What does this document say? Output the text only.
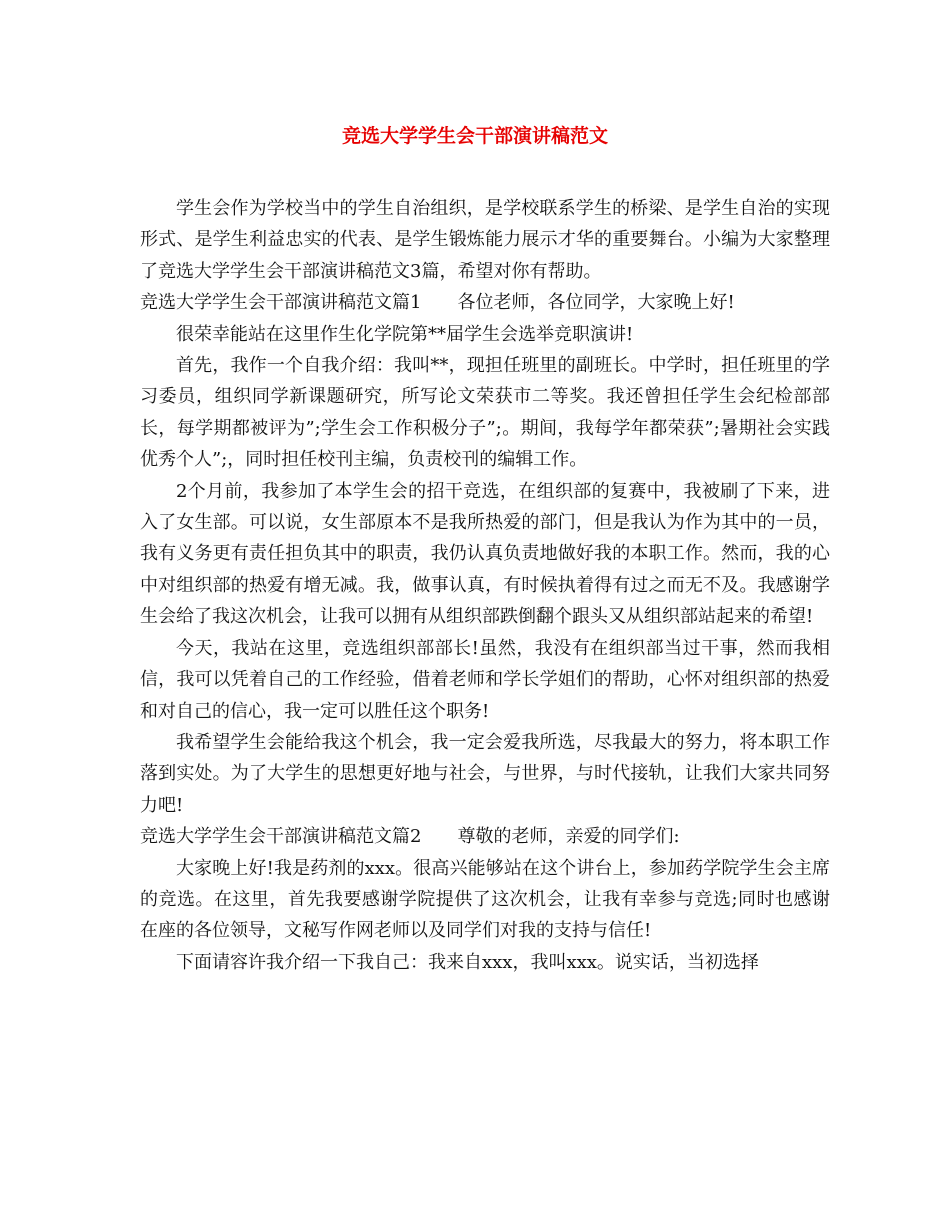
竞选大学学生会干部演讲稿范文

学生会作为学校当中的学生自治组织，是学校联系学生的桥梁、是学生自治的实现形式、是学生利益忠实的代表、是学生锻炼能力展示才华的重要舞台。小编为大家整理了竞选大学学生会干部演讲稿范文3篇，希望对你有帮助。

竞选大学学生会干部演讲稿范文篇1　　各位老师，各位同学，大家晚上好!

很荣幸能站在这里作生化学院第**届学生会选举竞职演讲!

首先，我作一个自我介绍：我叫**，现担任班里的副班长。中学时，担任班里的学习委员，组织同学新课题研究，所写论文荣获市二等奖。我还曾担任学生会纪检部部长，每学期都被评为”;学生会工作积极分子”;。期间，我每学年都荣获”;暑期社会实践优秀个人”;，同时担任校刊主编，负责校刊的编辑工作。

2个月前，我参加了本学生会的招干竞选，在组织部的复赛中，我被刷了下来，进入了女生部。可以说，女生部原本不是我所热爱的部门，但是我认为作为其中的一员，我有义务更有责任担负其中的职责，我仍认真负责地做好我的本职工作。然而，我的心中对组织部的热爱有增无减。我，做事认真，有时候执着得有过之而无不及。我感谢学生会给了我这次机会，让我可以拥有从组织部跌倒翻个跟头又从组织部站起来的希望!

今天，我站在这里，竞选组织部部长!虽然，我没有在组织部当过干事，然而我相信，我可以凭着自己的工作经验，借着老师和学长学姐们的帮助，心怀对组织部的热爱和对自己的信心，我一定可以胜任这个职务!

我希望学生会能给我这个机会，我一定会爱我所选，尽我最大的努力，将本职工作落到实处。为了大学生的思想更好地与社会，与世界，与时代接轨，让我们大家共同努力吧!

竞选大学学生会干部演讲稿范文篇2　　尊敬的老师，亲爱的同学们:

大家晚上好!我是药剂的xxx。很高兴能够站在这个讲台上，参加药学院学生会主席的竞选。在这里，首先我要感谢学院提供了这次机会，让我有幸参与竞选;同时也感谢在座的各位领导，文秘写作网老师以及同学们对我的支持与信任!

下面请容许我介绍一下我自己：我来自xxx，我叫xxx。说实话，当初选择
